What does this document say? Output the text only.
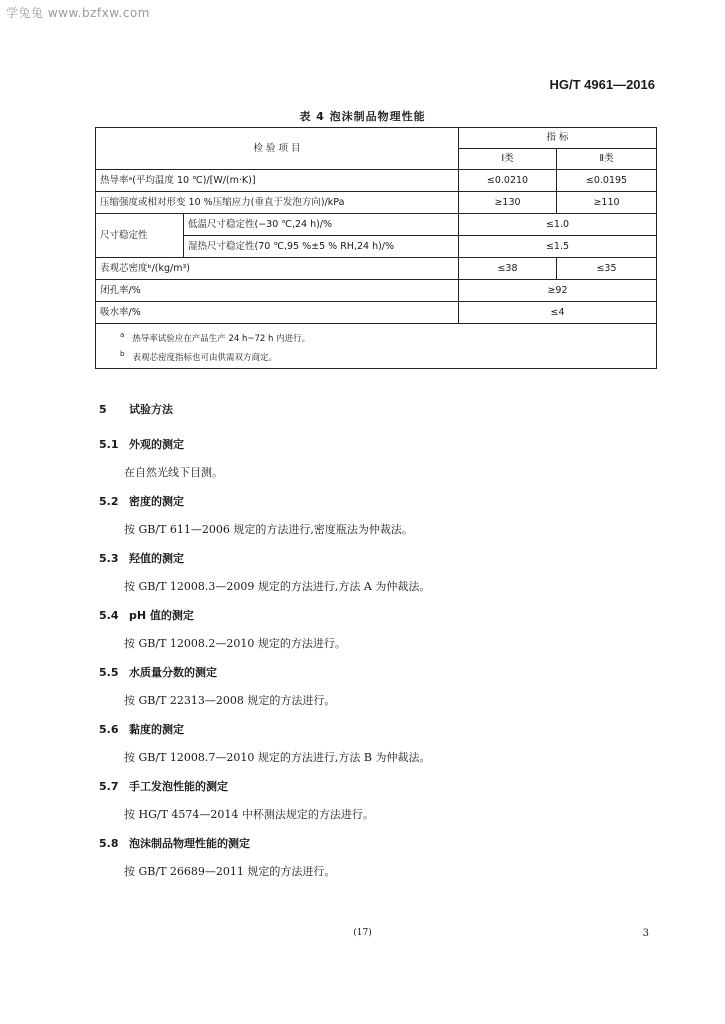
学兔兔 www.bzfxw.com
HG/T 4961—2016
表 4 泡沫制品物理性能
检 验 项 目		指 标	
		Ⅰ类	Ⅱ类
热导率ᵃ(平均温度 10 ℃)/[W/(m·K)]		≤0.0210	≤0.0195
压缩强度或相对形变 10 %压缩应力(垂直于发泡方向)/kPa		≥130	≥110
尺寸稳定性	低温尺寸稳定性(−30 ℃,24 h)/%	≤1.0	
	湿热尺寸稳定性(70 ℃,95 %±5 % RH,24 h)/%	≤1.5	
表观芯密度ᵇ/(kg/m³)		≤38	≤35
闭孔率/%		≥92	
吸水率/%		≤4	

$^a$ 热导率试验应在产品生产 24 h~72 h 内进行。
$^b$ 表观芯密度指标也可由供需双方商定。			
5 试验方法
5.1 外观的测定
在自然光线下目测。
5.2 密度的测定
按 GB/T 611—2006 规定的方法进行,密度瓶法为仲裁法。
5.3 羟值的测定
按 GB/T 12008.3—2009 规定的方法进行,方法 A 为仲裁法。
5.4 pH 值的测定
按 GB/T 12008.2—2010 规定的方法进行。
5.5 水质量分数的测定
按 GB/T 22313—2008 规定的方法进行。
5.6 黏度的测定
按 GB/T 12008.7—2010 规定的方法进行,方法 B 为仲裁法。
5.7 手工发泡性能的测定
按 HG/T 4574—2014 中杯测法规定的方法进行。
5.8 泡沫制品物理性能的测定
按 GB/T 26689—2011 规定的方法进行。
(17)	3
